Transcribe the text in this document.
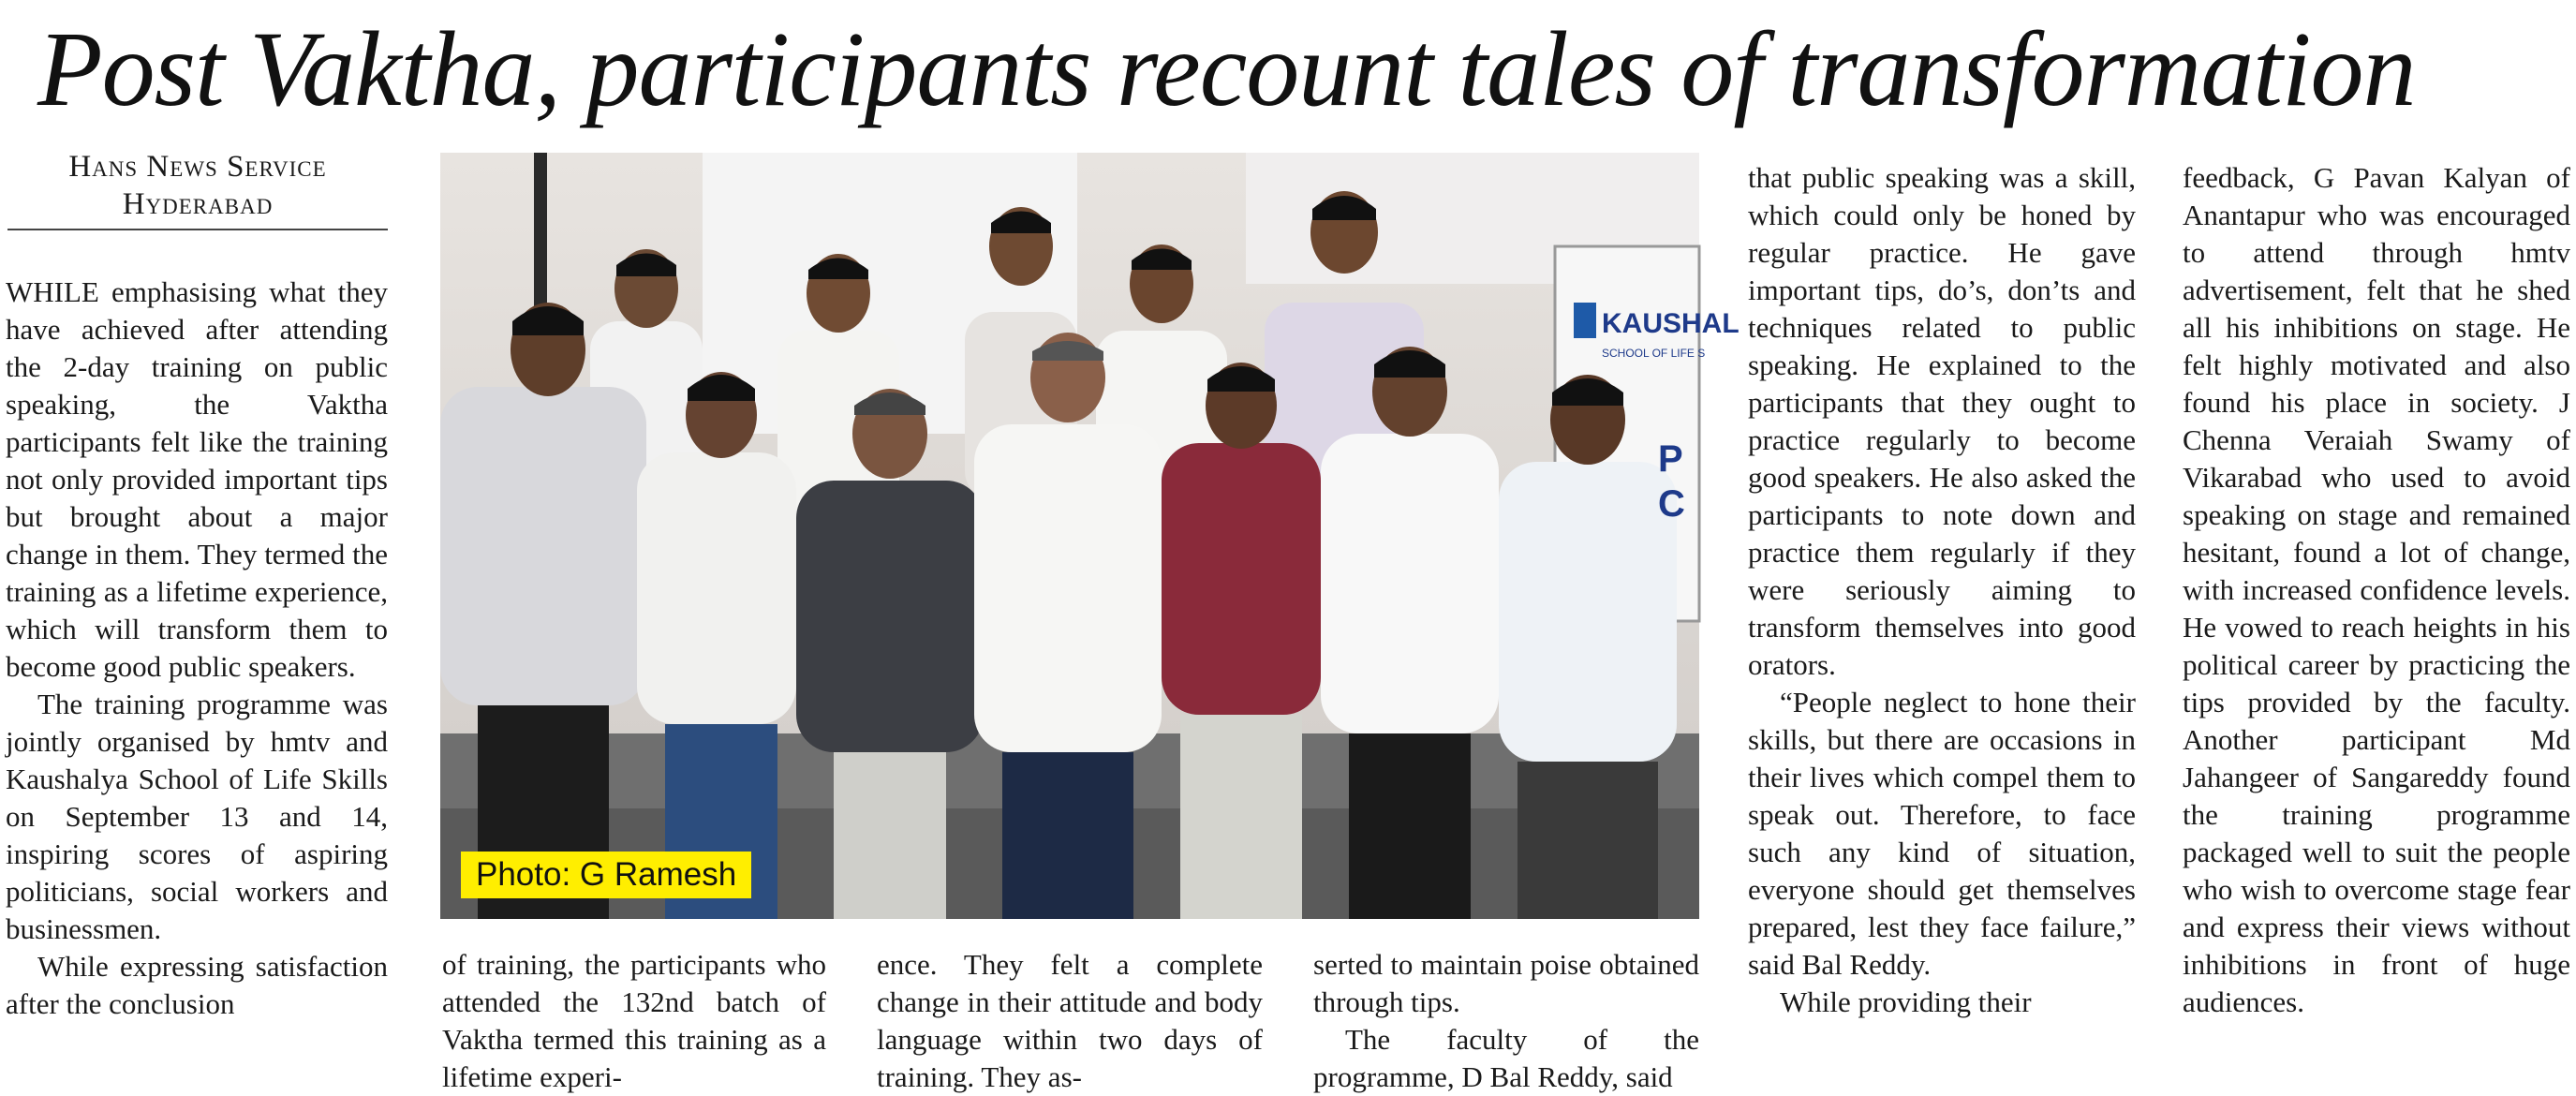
Post Vaktha, participants recount tales of transformation
Hans News Service
Hyderabad

WHILE emphasising what they have achieved after attending the 2-day training on public speaking, the Vaktha participants felt like the training not only provided important tips but brought about a major change in them. They termed the training as a lifetime experience, which will transform them to become good public speakers.

The training programme was jointly organised by hmtv and Kaushalya School of Life Skills on September 13 and 14, inspiring scores of aspiring politicians, social workers and businessmen.

While expressing satisfaction after the conclusion

KAUSHAL
SCHOOL OF LIFE S
P
C
Photo: G Ramesh

of training, the participants who attended the 132nd batch of Vaktha termed this training as a lifetime experi-

ence. They felt a complete change in their attitude and body language within two days of training. They as-

serted to maintain poise obtained through tips.

The faculty of the programme, D Bal Reddy, said

that public speaking was a skill, which could only be honed by regular practice. He gave important tips, do’s, don’ts and techniques related to public speaking. He explained to the participants that they ought to practice regularly to become good speakers. He also asked the participants to note down and practice them regularly if they were seriously aiming to transform themselves into good orators.

“People neglect to hone their skills, but there are occasions in their lives which compel them to speak out. Therefore, to face such any kind of situation, everyone should get themselves prepared, lest they face failure,” said Bal Reddy.

While providing their

feedback, G Pavan Kalyan of Anantapur who was encouraged to attend through hmtv advertisement, felt that he shed all his inhibitions on stage. He felt highly motivated and also found his place in society. J Chenna Veraiah Swamy of Vikarabad who used to avoid speaking on stage and remained hesitant, found a lot of change, with increased confidence levels. He vowed to reach heights in his political career by practicing the tips provided by the faculty. Another participant Md Jahangeer of Sangareddy found the training programme packaged well to suit the people who wish to overcome stage fear and express their views without inhibitions in front of huge audiences.
